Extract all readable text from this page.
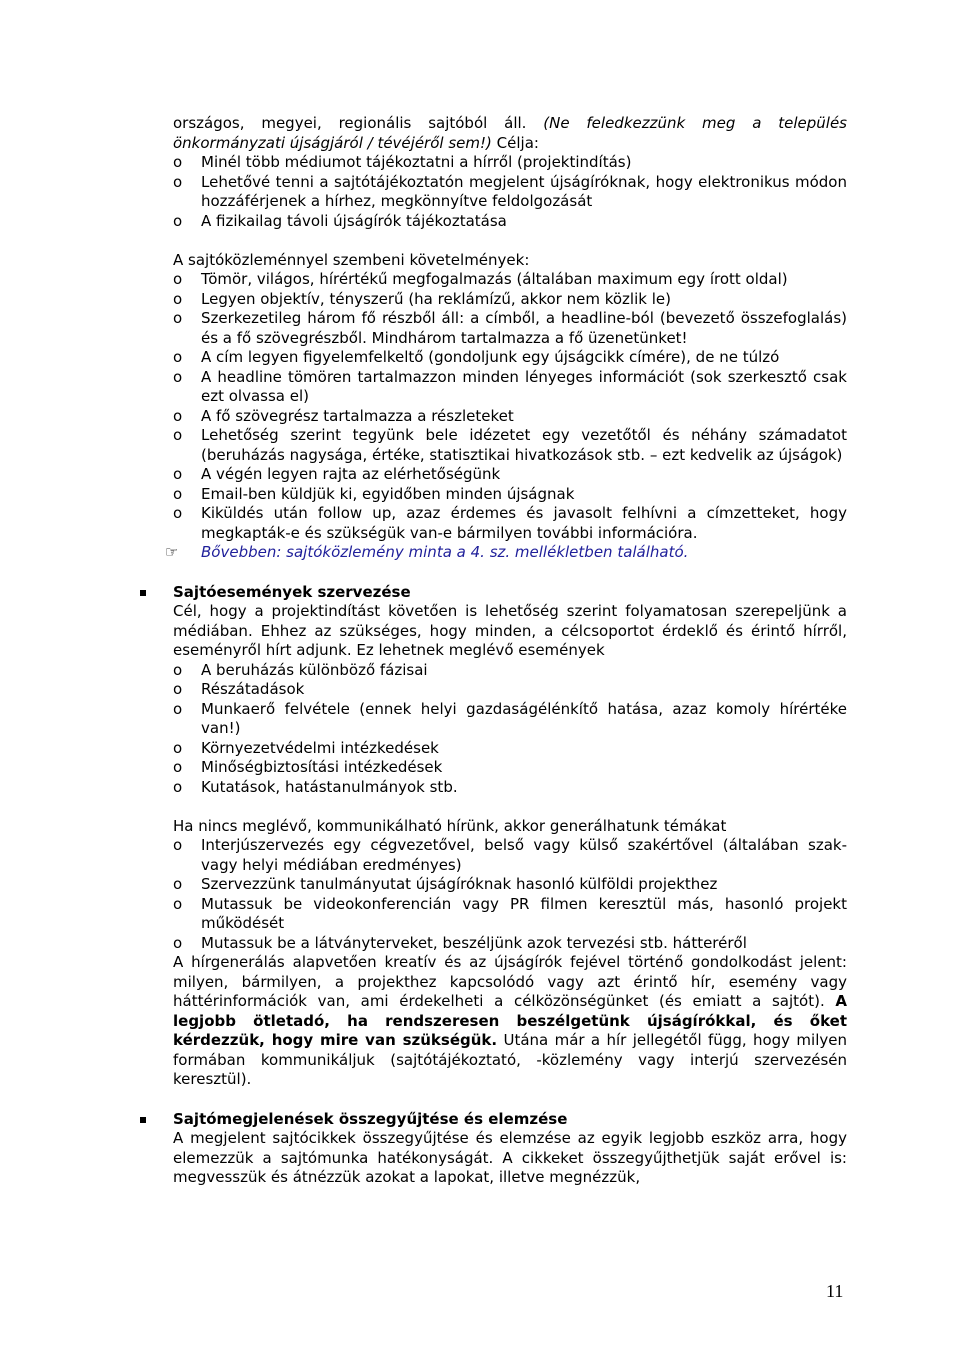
országos, megyei, regionális sajtóból áll. (Ne feledkezzünk meg a település önkormányzati újságjáról / tévéjéről sem!) Célja:

o Minél több médiumot tájékoztatni a hírről (projektindítás)
o Lehetővé tenni a sajtótájékoztatón megjelent újságíróknak, hogy elektronikus módon hozzáférjenek a hírhez, megkönnyítve feldolgozását
o A fizikailag távoli újságírók tájékoztatása

A sajtóközleménnyel szembeni követelmények:

o Tömör, világos, hírértékű megfogalmazás (általában maximum egy írott oldal)
o Legyen objektív, tényszerű (ha reklámízű, akkor nem közlik le)
o Szerkezetileg három fő részből áll: a címből, a headline-ból (bevezető összefoglalás) és a fő szövegrészből. Mindhárom tartalmazza a fő üzenetünket!
o A cím legyen figyelemfelkeltő (gondoljunk egy újságcikk címére), de ne túlzó
o A headline tömören tartalmazzon minden lényeges információt (sok szerkesztő csak ezt olvassa el)
o A fő szövegrész tartalmazza a részleteket
o Lehetőség szerint tegyünk bele idézetet egy vezetőtől és néhány számadatot (beruházás nagysága, értéke, statisztikai hivatkozások stb. – ezt kedvelik az újságok)
o A végén legyen rajta az elérhetőségünk
o Email-ben küldjük ki, egyidőben minden újságnak
o Kiküldés után follow up, azaz érdemes és javasolt felhívni a címzetteket, hogy megkapták-e és szükségük van-e bármilyen további információra.
☞ Bővebben: sajtóközlemény minta a 4. sz. mellékletben található.

Sajtóesemények szervezése

Cél, hogy a projektindítást követően is lehetőség szerint folyamatosan szerepeljünk a médiában. Ehhez az szükséges, hogy minden, a célcsoportot érdeklő és érintő hírről, eseményről hírt adjunk. Ez lehetnek meglévő események

o A beruházás különböző fázisai
o Részátadások
o Munkaerő felvétele (ennek helyi gazdaságélénkítő hatása, azaz komoly hírértéke van!)
o Környezetvédelmi intézkedések
o Minőségbiztosítási intézkedések
o Kutatások, hatástanulmányok stb.

Ha nincs meglévő, kommunikálható hírünk, akkor generálhatunk témákat

o Interjúszervezés egy cégvezetővel, belső vagy külső szakértővel (általában szak- vagy helyi médiában eredményes)
o Szervezzünk tanulmányutat újságíróknak hasonló külföldi projekthez
o Mutassuk be videokonferencián vagy PR filmen keresztül más, hasonló projekt működését
o Mutassuk be a látványterveket, beszéljünk azok tervezési stb. hátteréről

A hírgenerálás alapvetően kreatív és az újságírók fejével történő gondolkodást jelent: milyen, bármilyen, a projekthez kapcsolódó vagy azt érintő hír, esemény vagy háttérinformációk van, ami érdekelheti a célközönségünket (és emiatt a sajtót). A legjobb ötletadó, ha rendszeresen beszélgetünk újságírókkal, és őket kérdezzük, hogy mire van szükségük. Utána már a hír jellegétől függ, hogy milyen formában kommunikáljuk (sajtótájékoztató, -közlemény vagy interjú szervezésén keresztül).

Sajtómegjelenések összegyűjtése és elemzése

A megjelent sajtócikkek összegyűjtése és elemzése az egyik legjobb eszköz arra, hogy elemezzük a sajtómunka hatékonyságát. A cikkeket összegyűjthetjük saját erővel is: megvesszük és átnézzük azokat a lapokat, illetve megnézzük,

11
